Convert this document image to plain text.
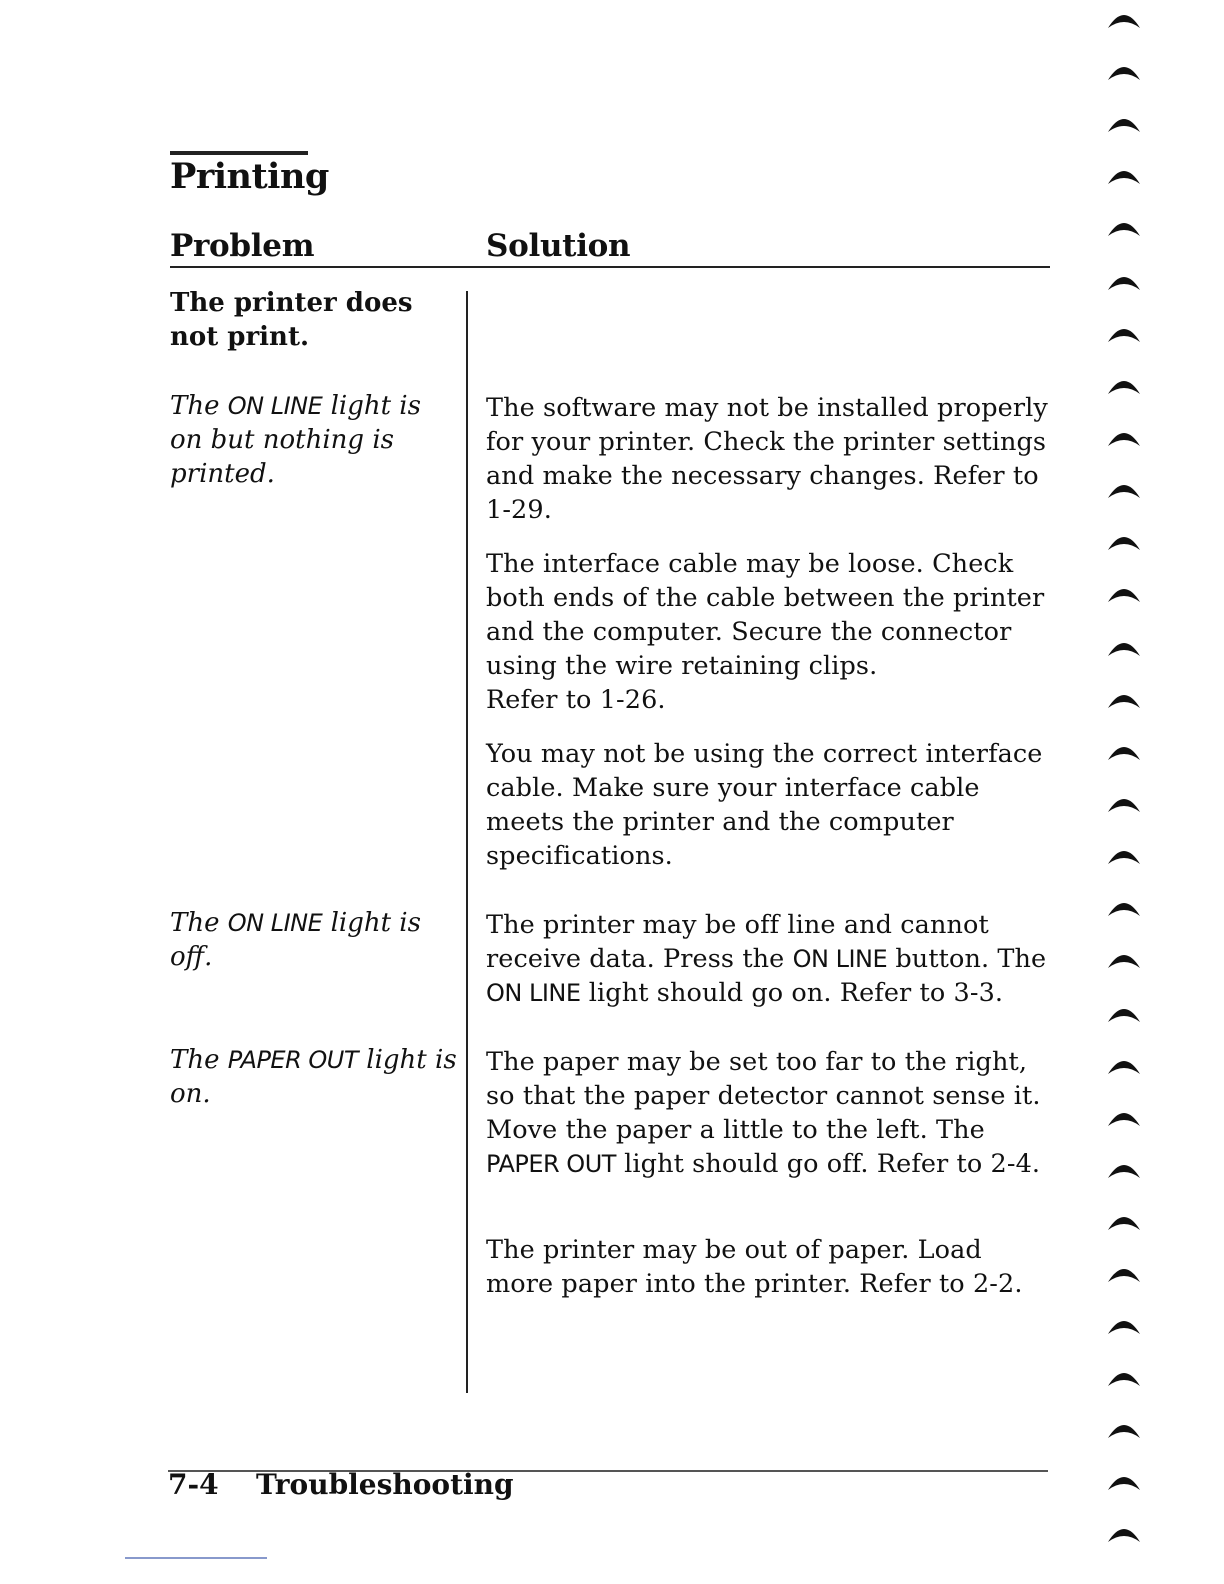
Printing
Problem	Solution
The printer does not print.
The ON LINE light is on but nothing is printed.
The software may not be installed properly for your printer. Check the printer settings and make the necessary changes. Refer to 1-29.
The interface cable may be loose. Check both ends of the cable between the printer and the computer. Secure the connector using the wire retaining clips.
Refer to 1-26.
You may not be using the correct interface cable. Make sure your interface cable meets the printer and the computer specifications.
The ON LINE light is off.
The printer may be off line and cannot receive data. Press the ON LINE button. The ON LINE light should go on. Refer to 3-3.
The PAPER OUT light is on.
The paper may be set too far to the right, so that the paper detector cannot sense it. Move the paper a little to the left. The PAPER OUT light should go off. Refer to 2-4.
The printer may be out of paper. Load more paper into the printer. Refer to 2-2.
7-4 Troubleshooting
